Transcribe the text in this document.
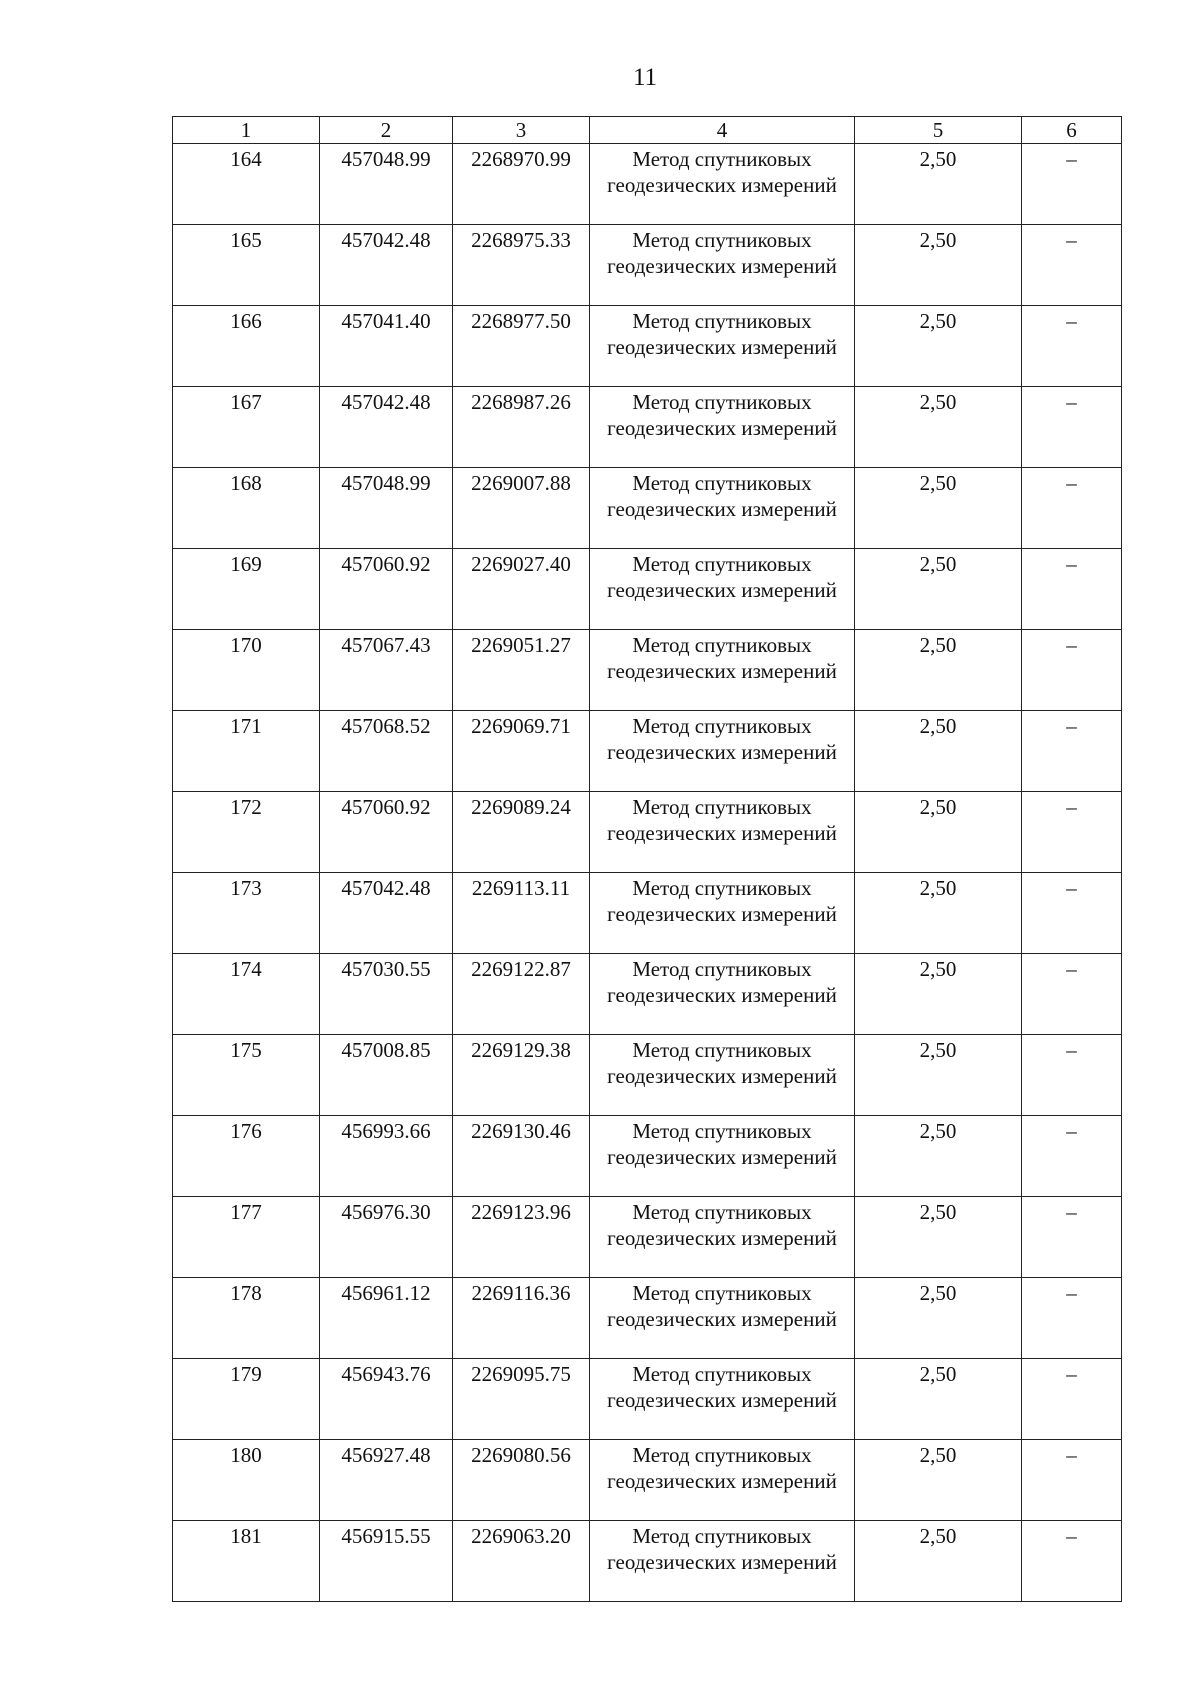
11
1	2	3	4	5	6
164	457048.99	2268970.99	Метод спутниковых геодезических измерений	2,50	–
165	457042.48	2268975.33	Метод спутниковых геодезических измерений	2,50	–
166	457041.40	2268977.50	Метод спутниковых геодезических измерений	2,50	–
167	457042.48	2268987.26	Метод спутниковых геодезических измерений	2,50	–
168	457048.99	2269007.88	Метод спутниковых геодезических измерений	2,50	–
169	457060.92	2269027.40	Метод спутниковых геодезических измерений	2,50	–
170	457067.43	2269051.27	Метод спутниковых геодезических измерений	2,50	–
171	457068.52	2269069.71	Метод спутниковых геодезических измерений	2,50	–
172	457060.92	2269089.24	Метод спутниковых геодезических измерений	2,50	–
173	457042.48	2269113.11	Метод спутниковых геодезических измерений	2,50	–
174	457030.55	2269122.87	Метод спутниковых геодезических измерений	2,50	–
175	457008.85	2269129.38	Метод спутниковых геодезических измерений	2,50	–
176	456993.66	2269130.46	Метод спутниковых геодезических измерений	2,50	–
177	456976.30	2269123.96	Метод спутниковых геодезических измерений	2,50	–
178	456961.12	2269116.36	Метод спутниковых геодезических измерений	2,50	–
179	456943.76	2269095.75	Метод спутниковых геодезических измерений	2,50	–
180	456927.48	2269080.56	Метод спутниковых геодезических измерений	2,50	–
181	456915.55	2269063.20	Метод спутниковых геодезических измерений	2,50	–
